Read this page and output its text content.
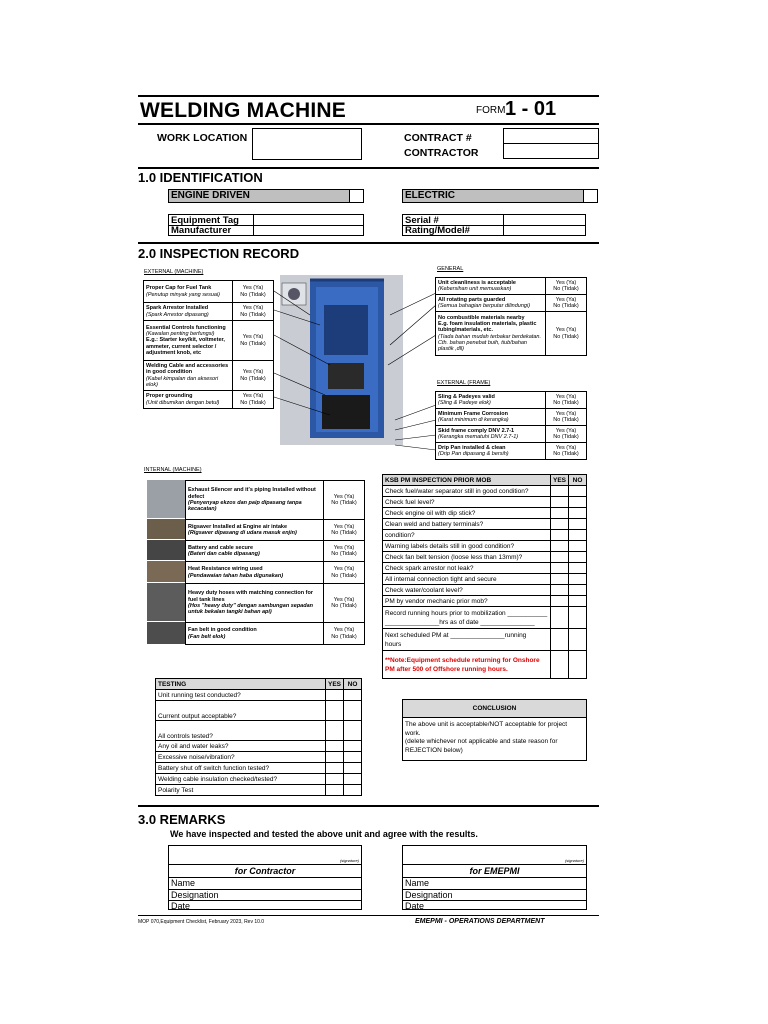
WELDING MACHINE	FORM 1 - 01
WORK LOCATION	CONTRACT #
CONTRACTOR
1.0 IDENTIFICATION
ENGINE DRIVEN	ELECTRIC
Equipment Tag
Manufacturer
Serial #
Rating/Model#
2.0 INSPECTION RECORD
EXTERNAL (MACHINE)
Proper Cap for Fuel Tank
(Penutup minyak yang sesuai)	Yes (Ya)
No (Tidak)
Spark Arrestor Installed
(Spark Arrestor dipasang)	Yes (Ya)
No (Tidak)
Essential Controls functioning
(Kawalan penting berfungsi)
E.g.: Starter key/kit, voltmeter, ammeter, current selector / adjustment knob, etc	Yes (Ya)
No (Tidak)
Welding Cable and accessories in good condition
(Kabel kimpalan dan aksesori elok)	Yes (Ya)
No (Tidak)
Proper grounding
(Unit dibumikan dengan betul)	Yes (Ya)
No (Tidak)
GENERAL
Unit cleanliness is acceptable (Kebersihan unit memuaskan)	Yes (Ya)
No (Tidak)
All rotating parts guarded
(Semua bahagian berputar dilindungi)	Yes (Ya)
No (Tidak)
No combustible materials nearby
E.g. foam insulation materials, plastic tubing/materials, etc.
(Tiada bahan mudah terbakar berdekatan. Cth. bahan penebat buih, tiub/bahan plastik ,dll)	Yes (Ya)
No (Tidak)
EXTERNAL (FRAME)
Sling & Padeyes valid
(Sling & Padeye elok)	Yes (Ya)
No (Tidak)
Minimum Frame Corrosion
(Karat minimum di kerangka)	Yes (Ya)
No (Tidak)
Skid frame comply DNV 2.7-1
(Kerangka mematuhi DNV 2.7-1)	Yes (Ya)
No (Tidak)
Drip Pan installed & clean
(Drip Pan dipasang & bersih)	Yes (Ya)
No (Tidak)
INTERNAL (MACHINE)
Exhaust Silencer and it's piping Installed without defect
(Penyenyap ekzos dan paip dipasang tanpa kecacatan)	Yes (Ya)
No (Tidak)
Rigsaver Installed at Engine air intake
(Rigsaver dipasang di udara masuk enjin)	Yes (Ya)
No (Tidak)
Battery and cable secure
(Bateri dan cable dipasang)	Yes (Ya)
No (Tidak)
Heat Resistance wiring used
(Pendawaian tahan haba digunakan)	Yes (Ya)
No (Tidak)
Heavy duty hoses with matching connection for fuel tank lines
(Hos "heavy duty" dengan sambungan sepadan untuk bekalan tangki bahan api)	Yes (Ya)
No (Tidak)
Fan belt in good condition
(Fan belt elok)	Yes (Ya)
No (Tidak)
KSB PM INSPECTION PRIOR MOB	YES	NO
Check fuel/water separator still in good condition?		
Check fuel level?		
Check engine oil with dip stick?		
Clean weld and battery terminals?		
condition?		
Warning labels details still in good condition?		
Check fan belt tension (loose less than 13mm)?		
Check spark arrestor not leak?		
All internal connection tight and secure		
Check water/coolant level?		
PM by vendor mechanic prior mob?		
Record running hours prior to mobilization ___________
_______________hrs as of date _______________		
Next scheduled PM at _______________running
hours		
**Note:Equipment schedule returning for Onshore
PM after 500 of Offshore running hours.		
TESTING	YES	NO
Unit running test conducted?		
Current output acceptable?		
All controls tested?		
Any oil and water leaks?		
Excessive noise/vibration?		
Battery shut off switch function tested?		
Welding cable insulation checked/tested?		
Polarity Test		
CONCLUSION
The above unit is acceptable/NOT acceptable for project work.
(delete whichever not applicable and state reason for REJECTION below)
3.0 REMARKS
We have inspected and tested the above unit and agree with the results.
(signature)
for Contractor
Name
Designation
Date
(signature)
for EMEPMI
Name
Designation
Date
MOP 070,Equipment Checklist, February 2023, Rev 10.0	EMEPMI - OPERATIONS DEPARTMENT
